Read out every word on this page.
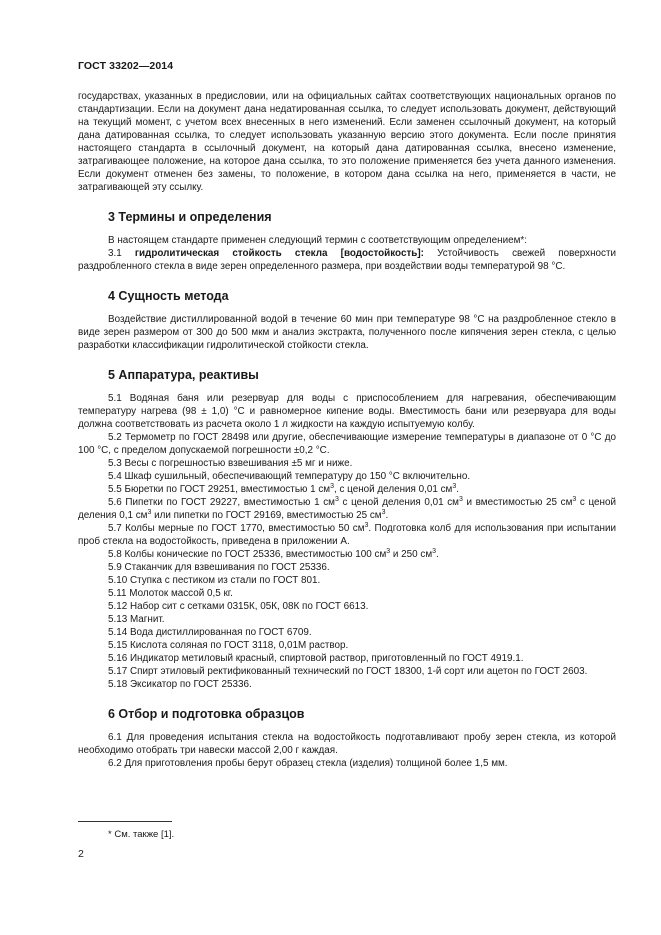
ГОСТ 33202—2014

государствах, указанных в предисловии, или на официальных сайтах соответствующих национальных органов по стандартизации. Если на документ дана недатированная ссылка, то следует использовать документ, действующий на текущий момент, с учетом всех внесенных в него изменений. Если заменен ссылочный документ, на который дана датированная ссылка, то следует использовать указанную версию этого документа. Если после принятия настоящего стандарта в ссылочный документ, на который дана датированная ссылка, внесено изменение, затрагивающее положение, на которое дана ссылка, то это положение применяется без учета данного изменения. Если документ отменен без замены, то положение, в котором дана ссылка на него, применяется в части, не затрагивающей эту ссылку.

3 Термины и определения

В настоящем стандарте применен следующий термин с соответствующим определением*:

3.1 гидролитическая стойкость стекла [водостойкость]: Устойчивость свежей поверхности раздробленного стекла в виде зерен определенного размера, при воздействии воды температурой 98 °С.

4 Сущность метода

Воздействие дистиллированной водой в течение 60 мин при температуре 98 °С на раздробленное стекло в виде зерен размером от 300 до 500 мкм и анализ экстракта, полученного после кипячения зерен стекла, с целью разработки классификации гидролитической стойкости стекла.

5 Аппаратура, реактивы

5.1 Водяная баня или резервуар для воды с приспособлением для нагревания, обеспечивающим температуру нагрева (98 ± 1,0) °С и равномерное кипение воды. Вместимость бани или резервуара для воды должна соответствовать из расчета около 1 л жидкости на каждую испытуемую колбу.

5.2 Термометр по ГОСТ 28498 или другие, обеспечивающие измерение температуры в диапазоне от 0 °С до 100 °С, с пределом допускаемой погрешности ±0,2 °С.

5.3 Весы с погрешностью взвешивания ±5 мг и ниже.

5.4 Шкаф сушильный, обеспечивающий температуру до 150 °С включительно.

5.5 Бюретки по ГОСТ 29251, вместимостью 1 $см^3$, с ценой деления 0,01 $см^3$.

5.6 Пипетки по ГОСТ 29227, вместимостью 1 $см^3$ с ценой деления 0,01 $см^3$ и вместимостью 25 $см^3$ с ценой деления 0,1 $см^3$ или пипетки по ГОСТ 29169, вместимостью 25 $см^3$.

5.7 Колбы мерные по ГОСТ 1770, вместимостью 50 $см^3$. Подготовка колб для использования при испытании проб стекла на водостойкость, приведена в приложении А.

5.8 Колбы конические по ГОСТ 25336, вместимостью 100 $см^3$ и 250 $см^3$.

5.9 Стаканчик для взвешивания по ГОСТ 25336.

5.10 Ступка с пестиком из стали по ГОСТ 801.

5.11 Молоток массой 0,5 кг.

5.12 Набор сит с сетками 0315К, 05К, 08К по ГОСТ 6613.

5.13 Магнит.

5.14 Вода дистиллированная по ГОСТ 6709.

5.15 Кислота соляная по ГОСТ 3118, 0,01М раствор.

5.16 Индикатор метиловый красный, спиртовой раствор, приготовленный по ГОСТ 4919.1.

5.17 Спирт этиловый ректификованный технический по ГОСТ 18300, 1-й сорт или ацетон по ГОСТ 2603.

5.18 Эксикатор по ГОСТ 25336.

6 Отбор и подготовка образцов

6.1 Для проведения испытания стекла на водостойкость подготавливают пробу зерен стекла, из которой необходимо отобрать три навески массой 2,00 г каждая.

6.2 Для приготовления пробы берут образец стекла (изделия) толщиной более 1,5 мм.

* См. также [1].
2
